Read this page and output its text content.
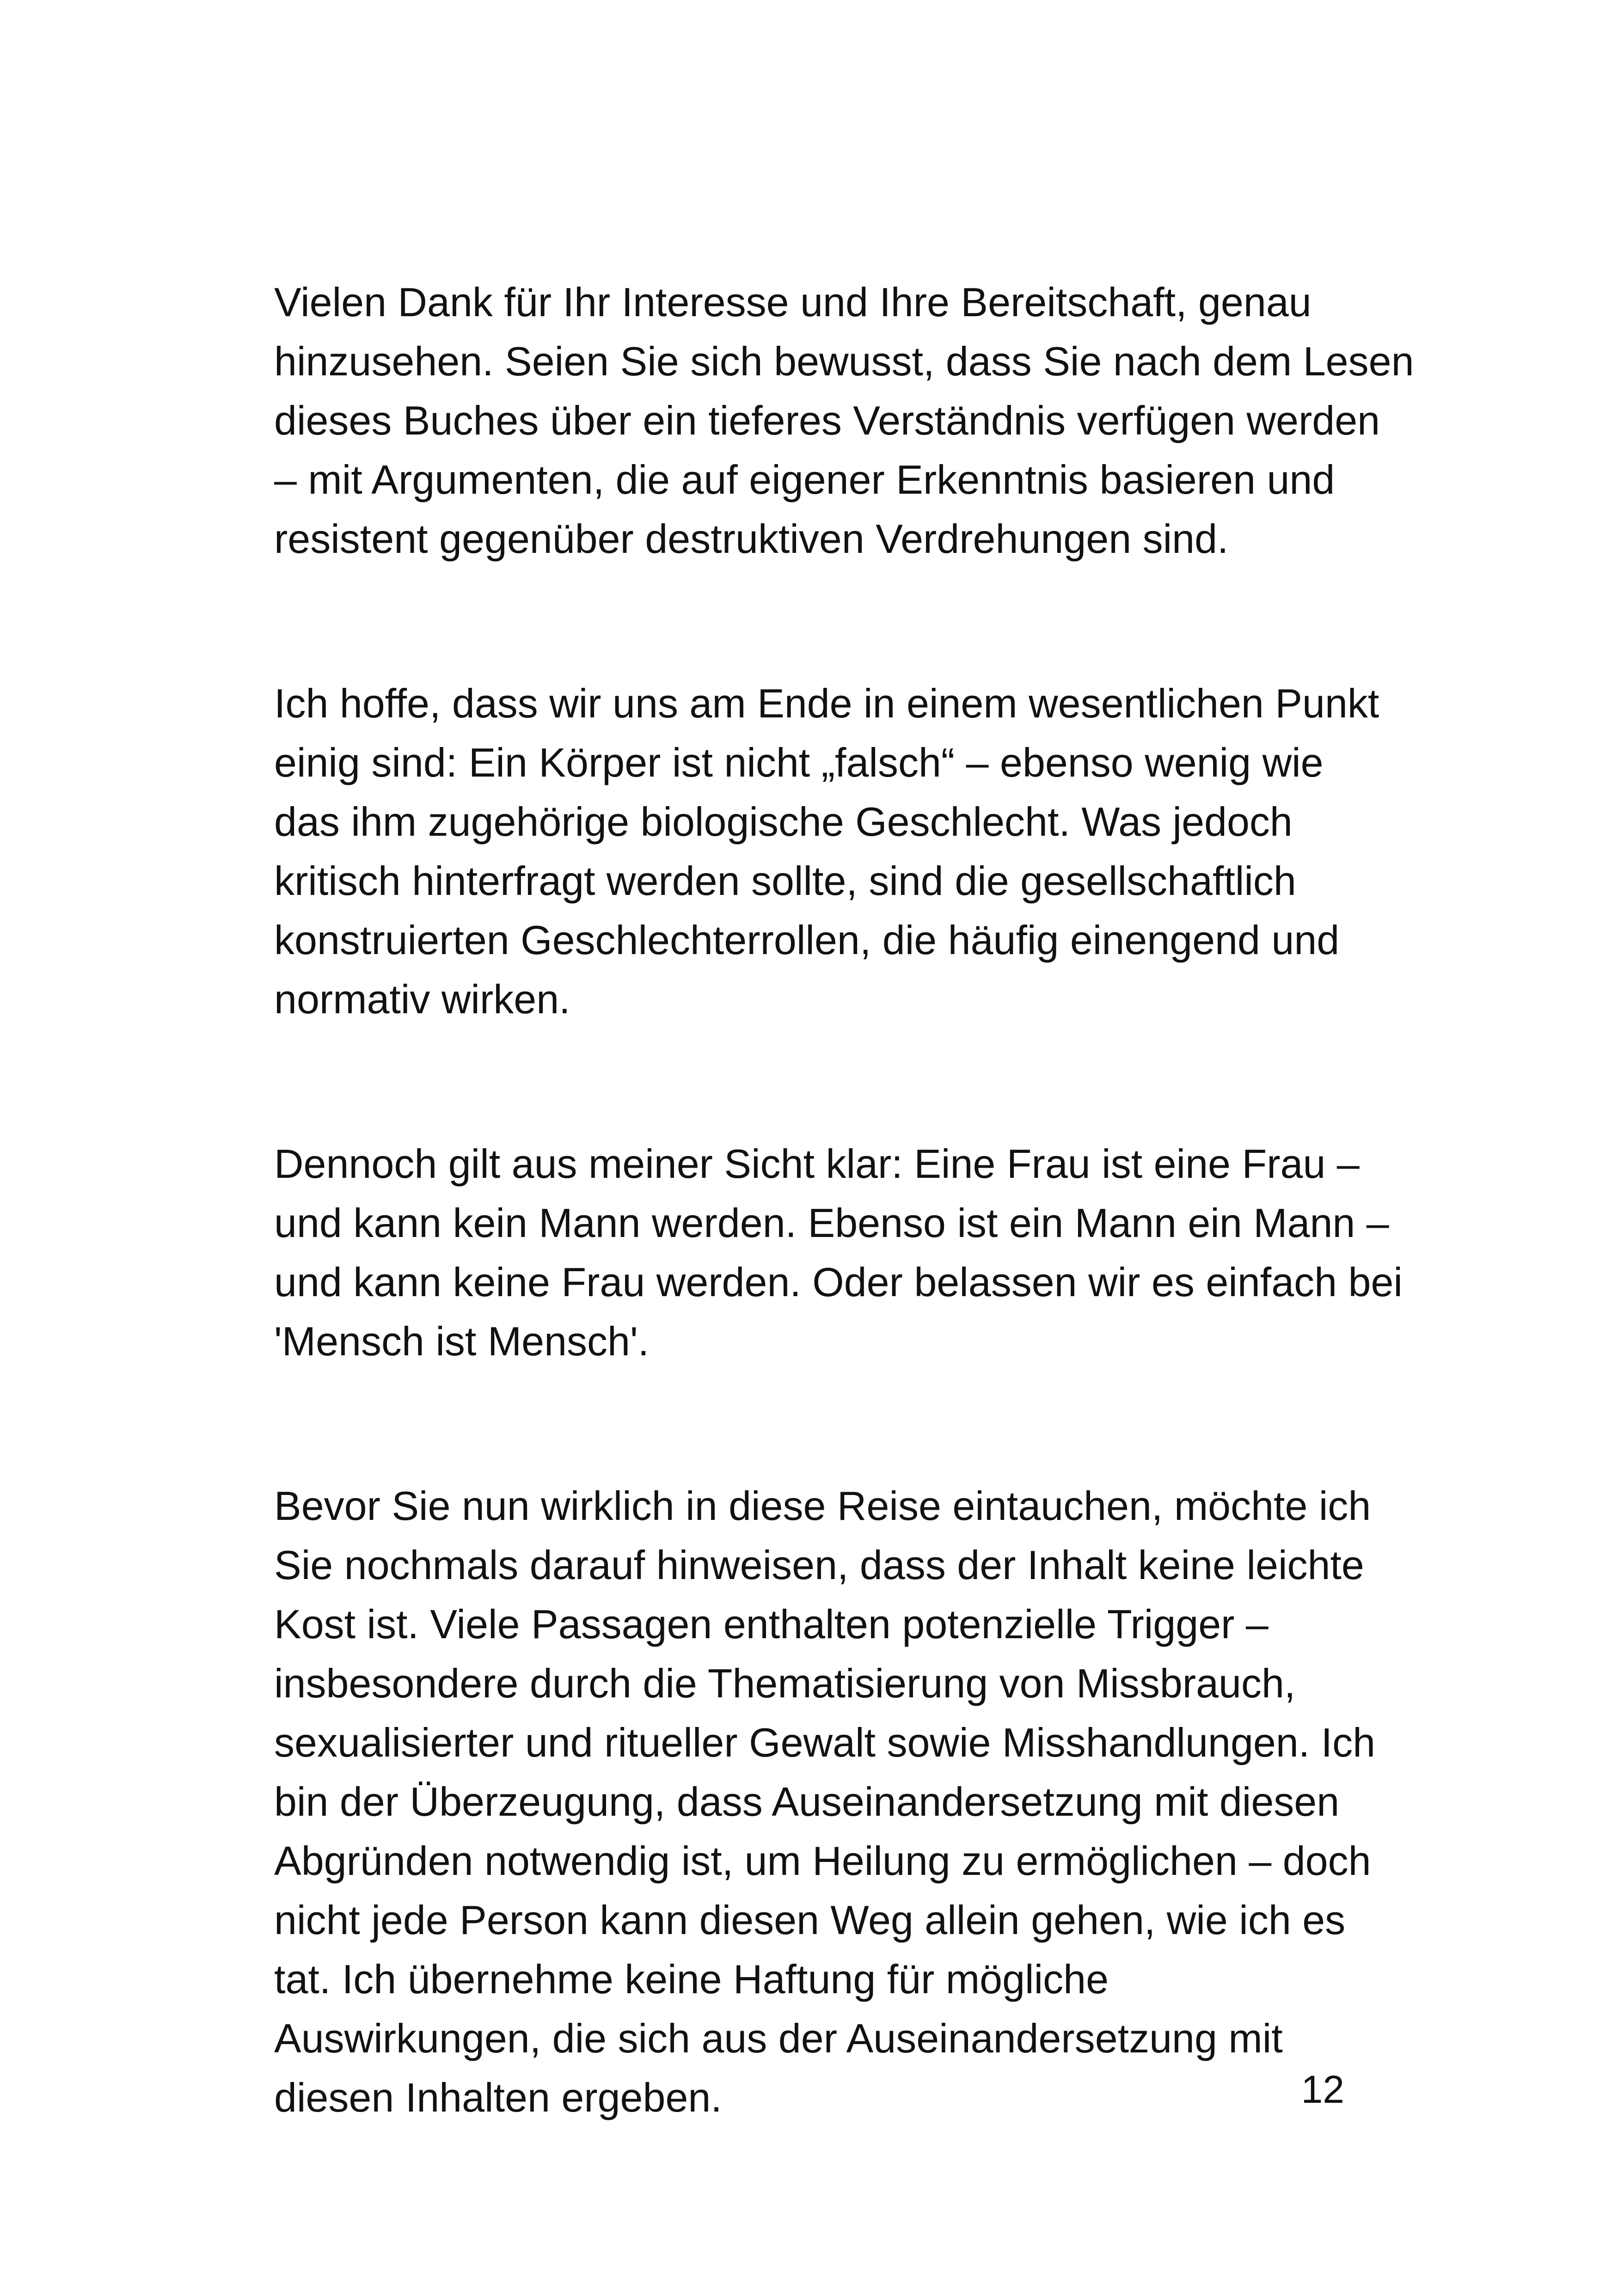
Vielen Dank für Ihr Interesse und Ihre Bereitschaft, genau
hinzusehen. Seien Sie sich bewusst, dass Sie nach dem Lesen
dieses Buches über ein tieferes Verständnis verfügen werden
– mit Argumenten, die auf eigener Erkenntnis basieren und
resistent gegenüber destruktiven Verdrehungen sind.

Ich hoffe, dass wir uns am Ende in einem wesentlichen Punkt
einig sind: Ein Körper ist nicht „falsch“ – ebenso wenig wie
das ihm zugehörige biologische Geschlecht. Was jedoch
kritisch hinterfragt werden sollte, sind die gesellschaftlich
konstruierten Geschlechterrollen, die häufig einengend und
normativ wirken.

Dennoch gilt aus meiner Sicht klar: Eine Frau ist eine Frau –
und kann kein Mann werden. Ebenso ist ein Mann ein Mann –
und kann keine Frau werden. Oder belassen wir es einfach bei
'Mensch ist Mensch'.

Bevor Sie nun wirklich in diese Reise eintauchen, möchte ich
Sie nochmals darauf hinweisen, dass der Inhalt keine leichte
Kost ist. Viele Passagen enthalten potenzielle Trigger –
insbesondere durch die Thematisierung von Missbrauch,
sexualisierter und ritueller Gewalt sowie Misshandlungen. Ich
bin der Überzeugung, dass Auseinandersetzung mit diesen
Abgründen notwendig ist, um Heilung zu ermöglichen – doch
nicht jede Person kann diesen Weg allein gehen, wie ich es
tat. Ich übernehme keine Haftung für mögliche
Auswirkungen, die sich aus der Auseinandersetzung mit
diesen Inhalten ergeben.	12
